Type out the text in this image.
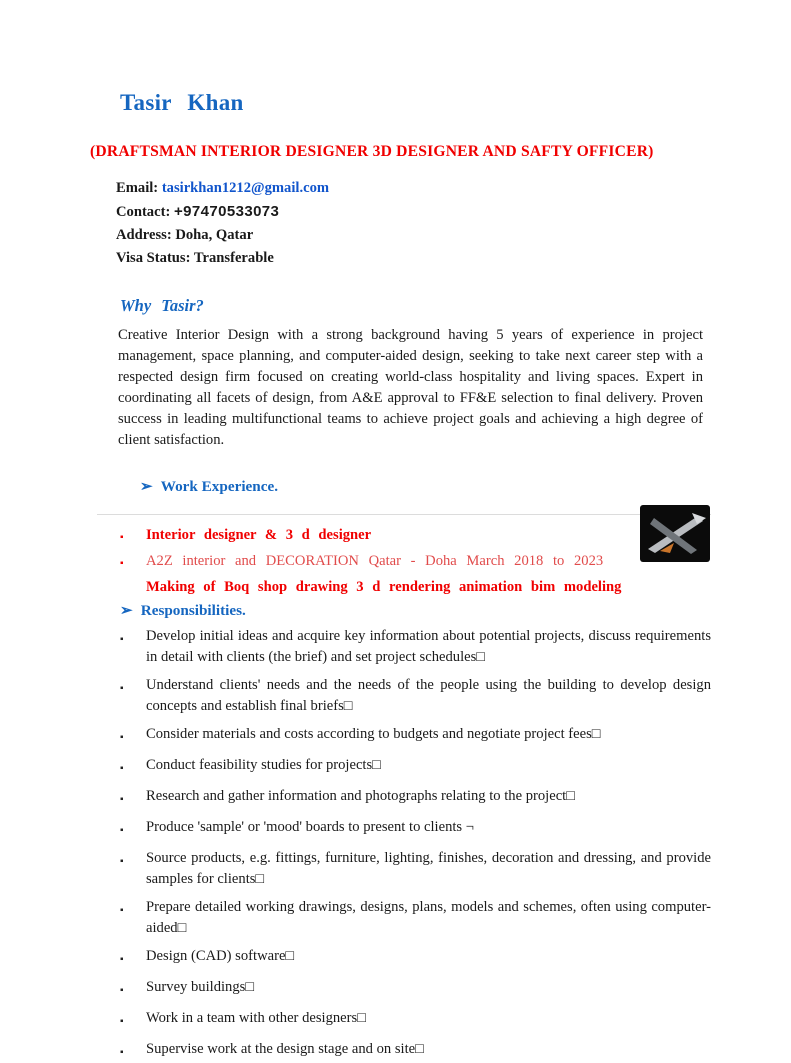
Tasir Khan
(DRAFTSMAN INTERIOR DESIGNER 3D DESIGNER AND SAFTY OFFICER)
Email: tasirkhan1212@gmail.com
Contact: +97470533073
Address: Doha, Qatar
Visa Status: Transferable
Why Tasir?

Creative Interior Design with a strong background having 5 years of experience in project management, space planning, and computer-aided design, seeking to take next career step with a respected design firm focused on creating world-class hospitality and living spaces. Expert in coordinating all facets of design, from A&E approval to FF&E selection to final delivery. Proven success in leading multifunctional teams to achieve project goals and achieving a high degree of client satisfaction.

➢ Work Experience.
▪	Interior designer & 3 d designer
▪	A2Z interior and DECORATION Qatar - Doha March 2018 to 2023
Making of Boq shop drawing 3 d rendering animation bim modeling
➢ Responsibilities.
▪	Develop initial ideas and acquire key information about potential projects, discuss requirements in detail with clients (the brief) and set project schedules□
▪	Understand clients' needs and the needs of the people using the building to develop design concepts and establish final briefs□
▪	Consider materials and costs according to budgets and negotiate project fees□
▪	Conduct feasibility studies for projects□
▪	Research and gather information and photographs relating to the project□
▪	Produce 'sample' or 'mood' boards to present to clients ¬
▪	Source products, e.g. fittings, furniture, lighting, finishes, decoration and dressing, and provide samples for clients□
▪	Prepare detailed working drawings, designs, plans, models and schemes, often using computer-aided□
▪	Design (CAD) software□
▪	Survey buildings□
▪	Work in a team with other designers□
▪	Supervise work at the design stage and on site□
